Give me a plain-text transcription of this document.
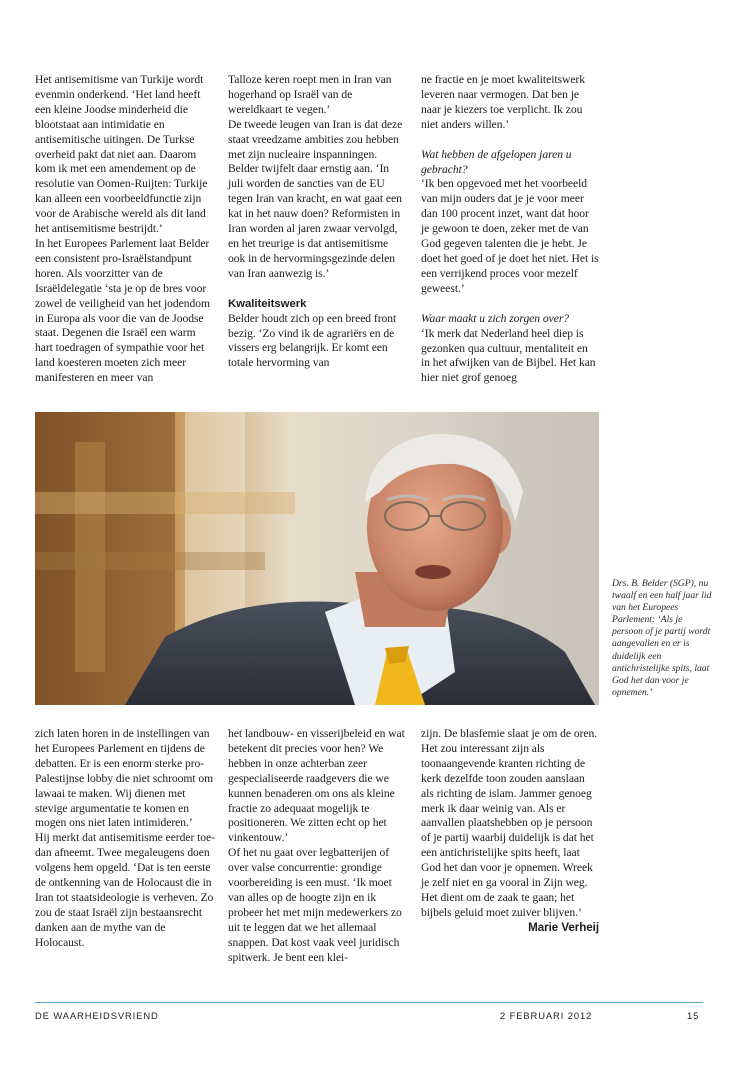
Het antisemitisme van Turkije wordt evenmin onderkend. ‘Het land heeft een kleine Joodse minderheid die blootstaat aan intimidatie en antisemitische uitingen. De Turkse overheid pakt dat niet aan. Daarom kom ik met een amendement op de resolutie van Oomen-Ruijten: Turkije kan alleen een voorbeeldfunctie zijn voor de Arabische wereld als dit land het antisemitisme bestrijdt.’

In het Europees Parlement laat Belder een consistent pro-Israëlstandpunt horen. Als voorzitter van de Israëldelegatie ‘sta je op de bres voor zowel de veiligheid van het jodendom in Europa als voor die van de Joodse staat. Degenen die Israël een warm hart toedragen of sympathie voor het land koesteren moeten zich meer manifesteren en meer van

Talloze keren roept men in Iran van hogerhand op Israël van de wereldkaart te vegen.’

De tweede leugen van Iran is dat deze staat vreedzame ambities zou hebben met zijn nucleaire inspanningen. Belder twijfelt daar ernstig aan. ‘In juli worden de sancties van de EU tegen Iran van kracht, en wat gaat een kat in het nauw doen? Reformisten in Iran worden al jaren zwaar vervolgd, en het treurige is dat antisemitisme ook in de hervormingsgezinde delen van Iran aanwezig is.’

Kwaliteitswerk

Belder houdt zich op een breed front bezig. ‘Zo vind ik de agrariërs en de vissers erg belangrijk. Er komt een totale hervorming van

ne fractie en je moet kwaliteitswerk leveren naar vermogen. Dat ben je naar je kiezers toe verplicht. Ik zou niet anders willen.’

Wat hebben de afgelopen jaren u gebracht?

‘Ik ben opgevoed met het voorbeeld van mijn ouders dat je je voor meer dan 100 procent inzet, want dat hoor je gewoon te doen, zeker met de van God gegeven talenten die je hebt. Je doet het goed of je doet het niet. Het is een verrijkend proces voor mezelf geweest.’

Waar maakt u zich zorgen over?

‘Ik merk dat Nederland heel diep is gezonken qua cultuur, mentaliteit en in het afwijken van de Bijbel. Het kan hier niet grof genoeg

Drs. B. Belder (SGP), nu twaalf en een half jaar lid van het Europees Parlement: ‘Als je persoon of je partij wordt aangevallen en er is duidelijk een antichristelijke spits, laat God het dan voor je opnemen.’

zich laten horen in de instellingen van het Europees Parlement en tijdens de debatten. Er is een enorm sterke pro-Palestijnse lobby die niet schroomt om lawaai te maken. Wij dienen met stevige argumentatie te komen en mogen ons niet laten intimideren.’

Hij merkt dat antisemitisme eerder toe- dan afneemt. Twee megaleugens doen volgens hem opgeld. ‘Dat is ten eerste de ontkenning van de Holocaust die in Iran tot staatsideologie is verheven. Zo zou de staat Israël zijn bestaansrecht danken aan de mythe van de Holocaust.

het landbouw- en visserijbeleid en wat betekent dit precies voor hen? We hebben in onze achterban zeer gespecialiseerde raadgevers die we kunnen benaderen om ons als kleine fractie zo adequaat mogelijk te positioneren. We zitten echt op het vinkentouw.’

Of het nu gaat over legbatterijen of over valse concurrentie: grondige voorbereiding is een must. ‘Ik moet van alles op de hoogte zijn en ik probeer het met mijn medewerkers zo uit te leggen dat we het allemaal snappen. Dat kost vaak veel juridisch spitwerk. Je bent een klei-

zijn. De blasfemie slaat je om de oren. Het zou interessant zijn als toonaangevende kranten richting de kerk dezelfde toon zouden aanslaan als richting de islam. Jammer genoeg merk ik daar weinig van. Als er aanvallen plaatshebben op je persoon of je partij waarbij duidelijk is dat het een antichristelijke spits heeft, laat God het dan voor je opnemen. Wreek je zelf niet en ga vooral in Zijn weg. Het dient om de zaak te gaan; het bijbels geluid moet zuiver blijven.’

Marie Verheij

DE WAARHEIDSVRIEND	2 FEBRUARI 2012	15
